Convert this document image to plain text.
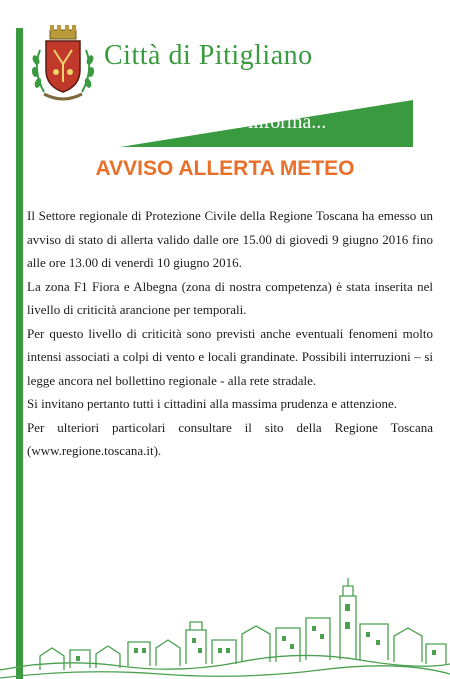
Città di Pitigliano
Il Comune informa...
AVVISO ALLERTA METEO

Il Settore regionale di Protezione Civile della Regione Toscana ha emesso un avviso di stato di allerta valido dalle ore 15.00 di giovedì 9 giugno 2016 fino alle ore 13.00 di venerdì 10 giugno 2016.

La zona F1 Fiora e Albegna (zona di nostra competenza) è stata inserita nel livello di criticità arancione per temporali.

Per questo livello di criticità sono previsti anche eventuali fenomeni molto intensi associati a colpi di vento e locali grandinate. Possibili interruzioni – si legge ancora nel bollettino regionale - alla rete stradale.

Si invitano pertanto tutti i cittadini alla massima prudenza e attenzione.

Per ulteriori particolari consultare il sito della Regione Toscana (www.regione.toscana.it).
